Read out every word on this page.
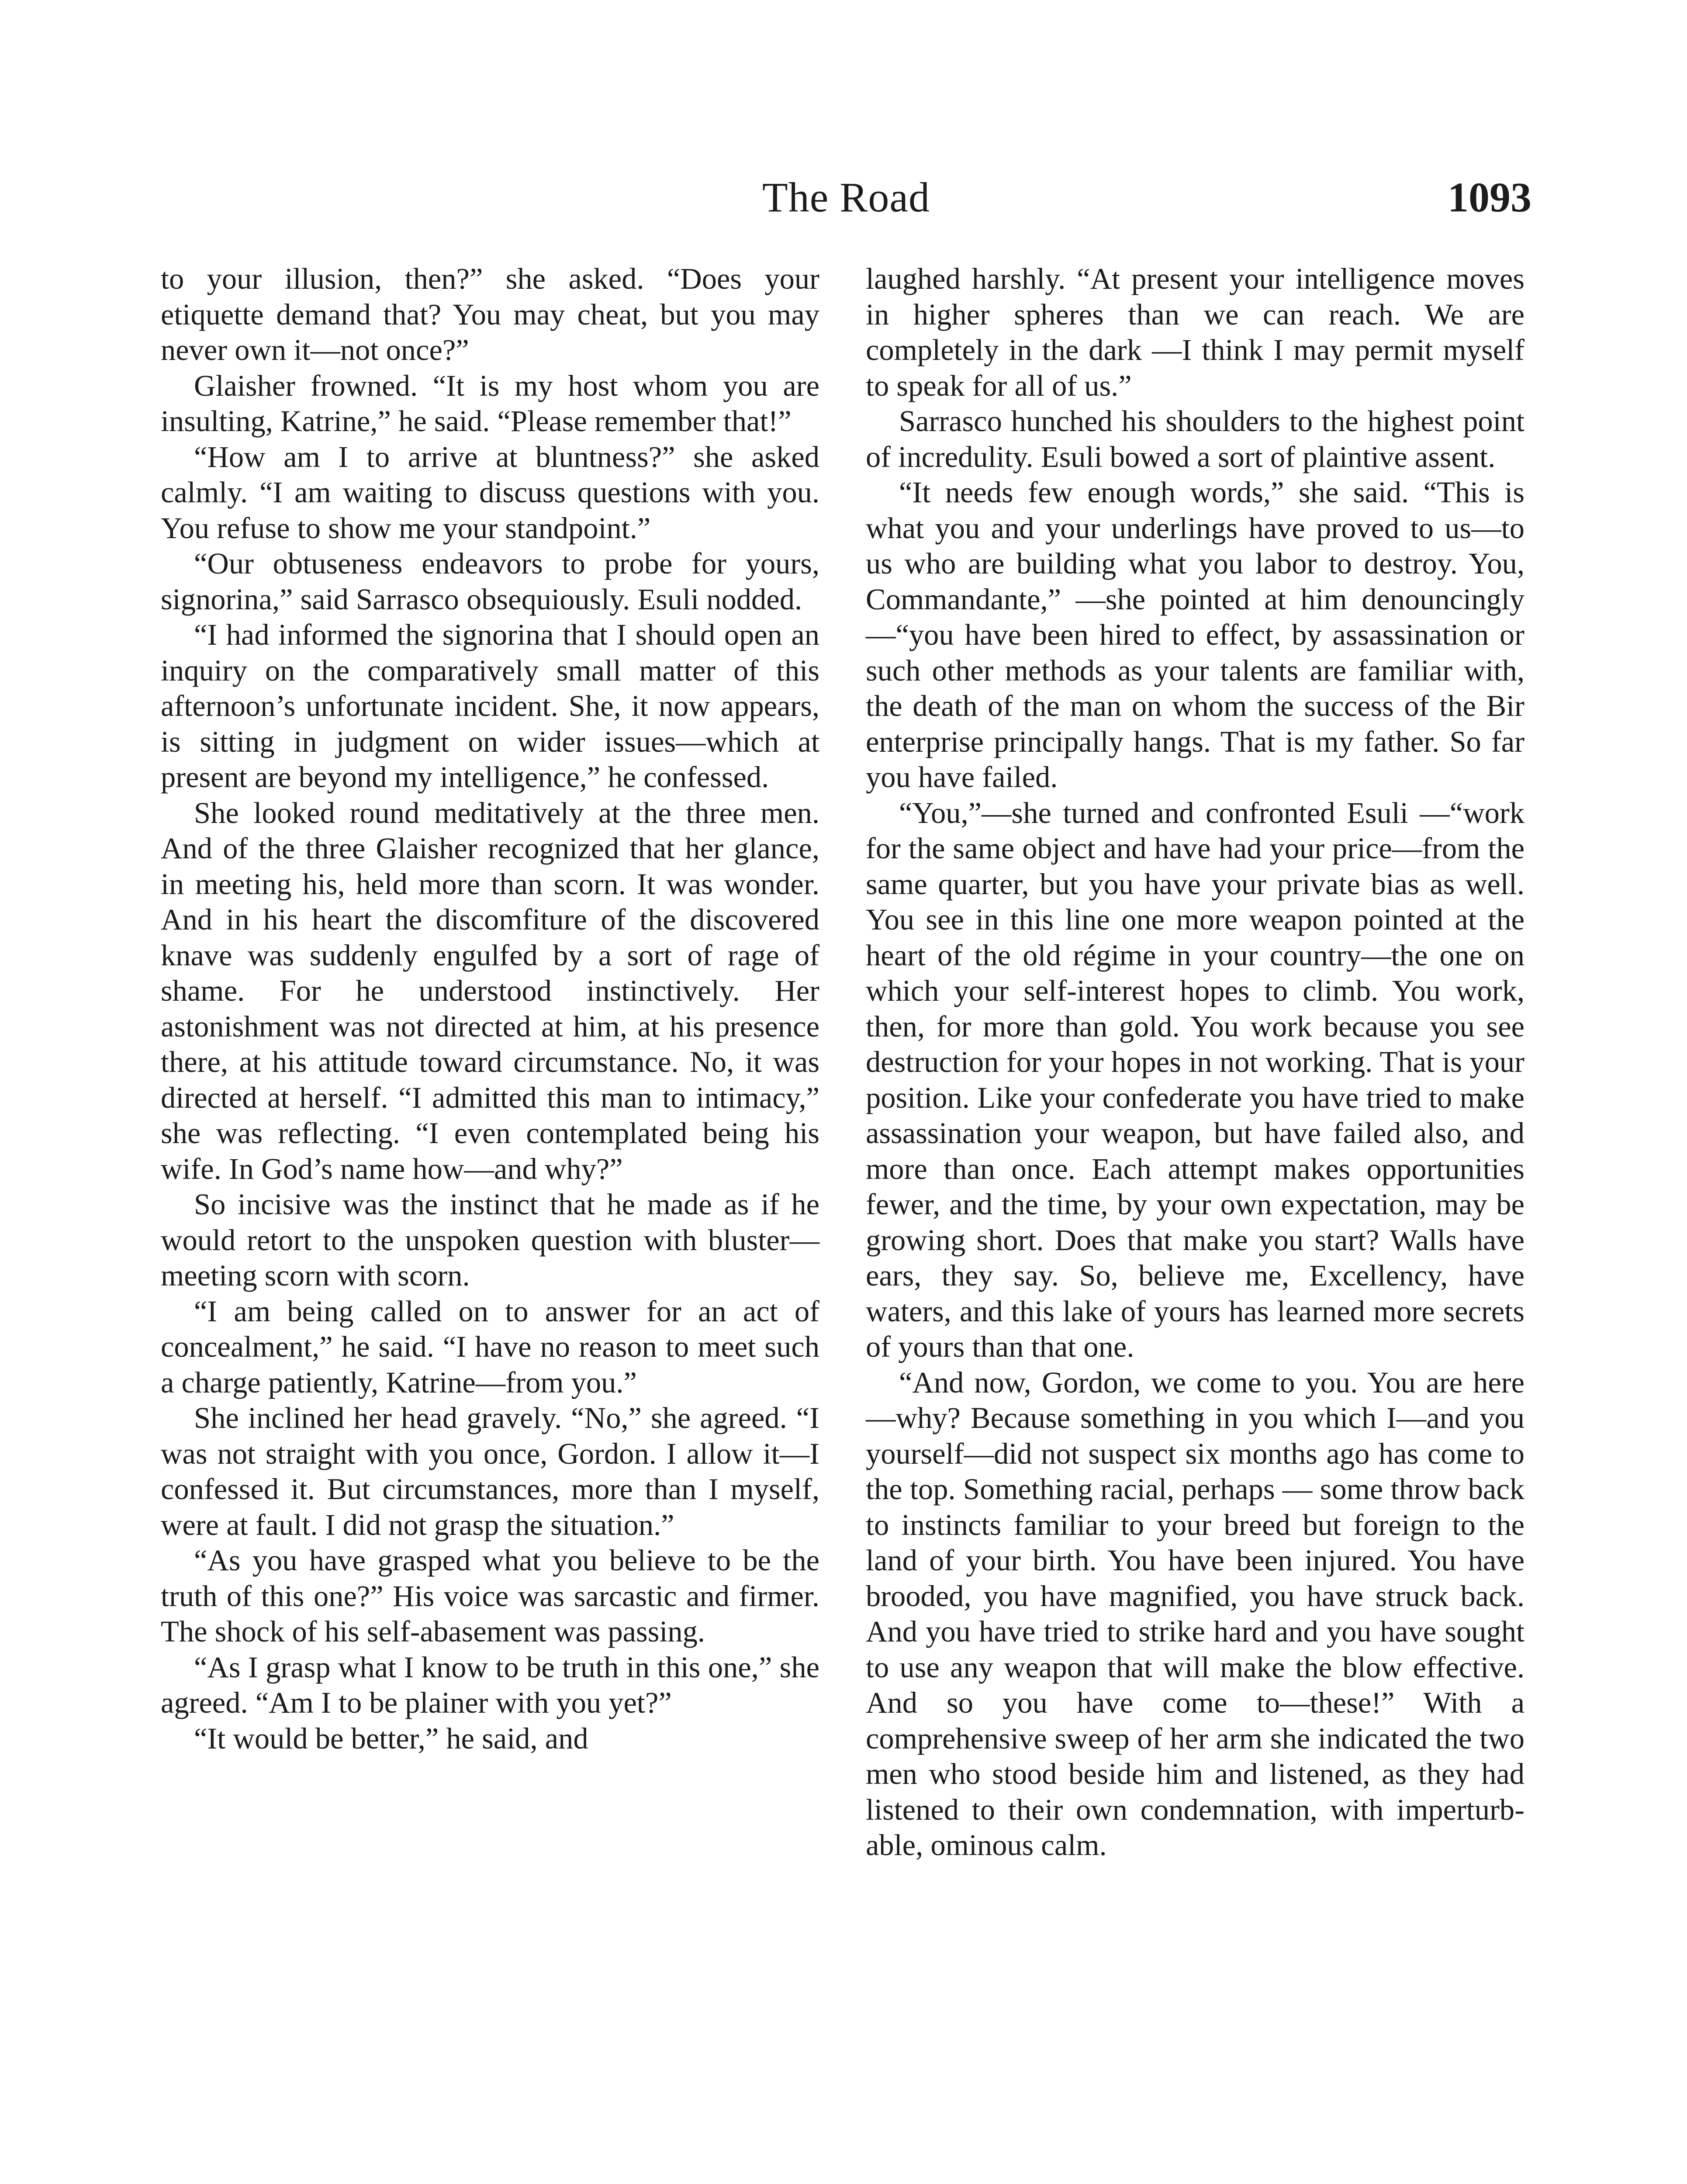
The Road	1093

to your illusion, then?” she asked. “Does your etiquette demand that? You may cheat, but you may never own it—not once?”

Glaisher frowned. “It is my host whom you are insulting, Katrine,” he said. “Please remember that!”

“How am I to arrive at bluntness?” she asked calmly. “I am waiting to discuss questions with you. You refuse to show me your standpoint.”

“Our obtuseness endeavors to probe for yours, signorina,” said Sarrasco obsequiously. Esuli nodded.

“I had informed the signorina that I should open an inquiry on the comparatively small matter of this afternoon’s unfortunate incident. She, it now appears, is sitting in judgment on wider issues—which at present are beyond my intelligence,” he confessed.

She looked round meditatively at the three men. And of the three Glaisher recognized that her glance, in meeting his, held more than scorn. It was wonder. And in his heart the discomfiture of the discovered knave was suddenly engulfed by a sort of rage of shame. For he understood instinctively. Her astonishment was not directed at him, at his presence there, at his attitude toward circumstance. No, it was directed at herself. “I admitted this man to intimacy,” she was reflecting. “I even contemplated being his wife. In God’s name how—and why?”

So incisive was the instinct that he made as if he would retort to the unspoken question with bluster—meeting scorn with scorn.

“I am being called on to answer for an act of concealment,” he said. “I have no reason to meet such a charge patiently, Katrine—from you.”

She inclined her head gravely. “No,” she agreed. “I was not straight with you once, Gordon. I allow it—I confessed it. But circumstances, more than I myself, were at fault. I did not grasp the situation.”

“As you have grasped what you believe to be the truth of this one?” His voice was sarcastic and firmer. The shock of his self-abasement was passing.

“As I grasp what I know to be truth in this one,” she agreed. “Am I to be plainer with you yet?”

“It would be better,” he said, and

laughed harshly. “At present your intelligence moves in higher spheres than we can reach. We are completely in the dark —I think I may permit myself to speak for all of us.”

Sarrasco hunched his shoulders to the highest point of incredulity. Esuli bowed a sort of plaintive assent.

“It needs few enough words,” she said. “This is what you and your underlings have proved to us—to us who are building what you labor to destroy. You, Commandante,” —she pointed at him denouncingly—“you have been hired to effect, by assassination or such other methods as your talents are familiar with, the death of the man on whom the success of the Bir enterprise principally hangs. That is my father. So far you have failed.

“You,”—she turned and confronted Esuli —“work for the same object and have had your price—from the same quarter, but you have your private bias as well. You see in this line one more weapon pointed at the heart of the old régime in your country—the one on which your self-interest hopes to climb. You work, then, for more than gold. You work because you see destruction for your hopes in not working. That is your position. Like your confederate you have tried to make assassination your weapon, but have failed also, and more than once. Each attempt makes opportunities fewer, and the time, by your own expectation, may be growing short. Does that make you start? Walls have ears, they say. So, believe me, Excellency, have waters, and this lake of yours has learned more secrets of yours than that one.

“And now, Gordon, we come to you. You are here—why? Because something in you which I—and you yourself—did not suspect six months ago has come to the top. Something racial, perhaps — some throw back to instincts familiar to your breed but foreign to the land of your birth. You have been injured. You have brooded, you have magnified, you have struck back. And you have tried to strike hard and you have sought to use any weapon that will make the blow effective. And so you have come to—these!” With a comprehensive sweep of her arm she indicated the two men who stood beside him and listened, as they had listened to their own condemnation, with imperturbable, ominous calm.
